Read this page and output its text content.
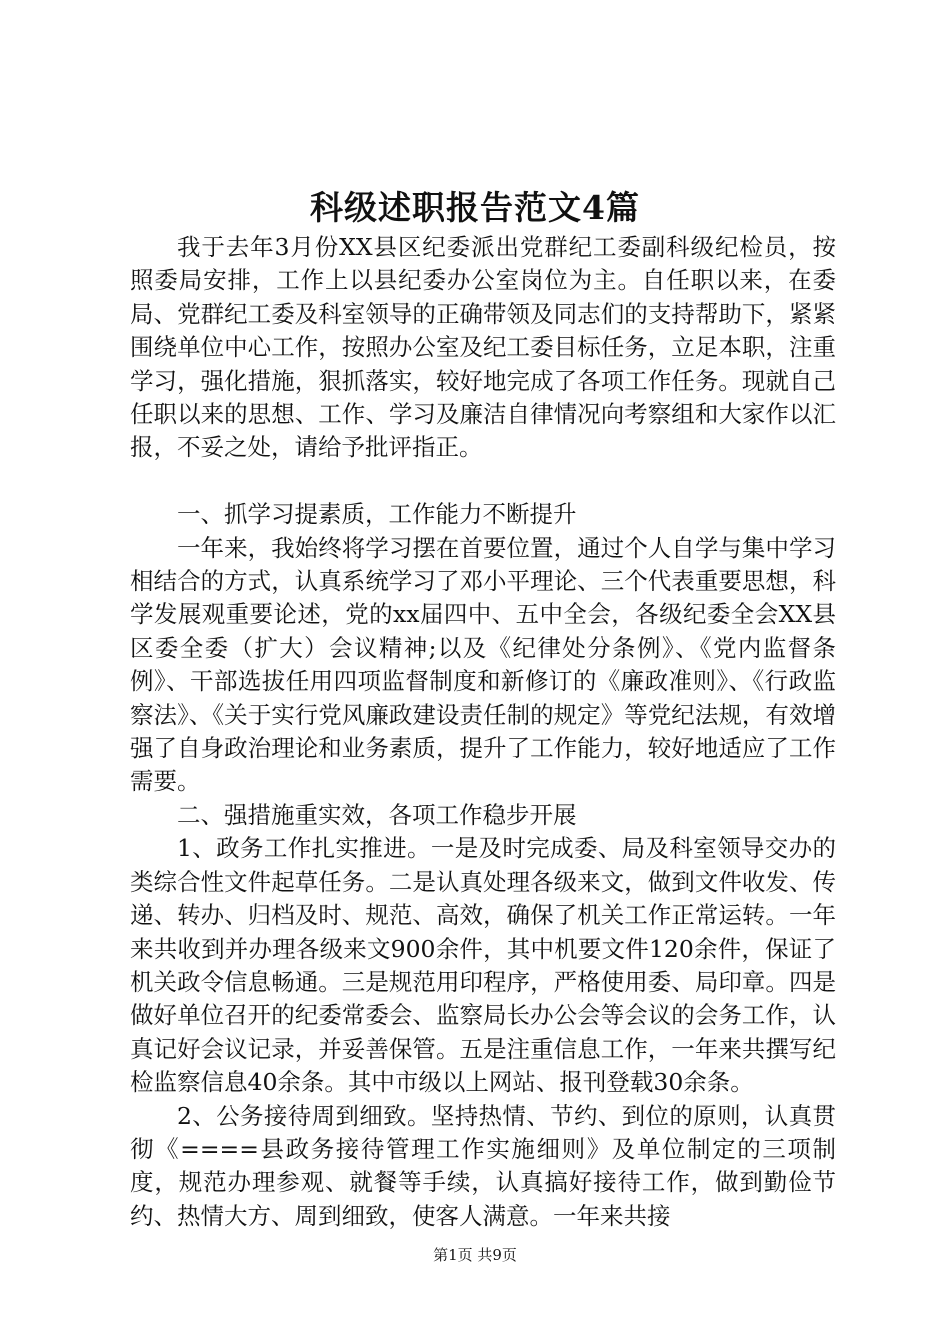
科级述职报告范文4篇

我于去年3月份XX县区纪委派出党群纪工委副科级纪检员，按照委局安排，工作上以县纪委办公室岗位为主。自任职以来，在委局、党群纪工委及科室领导的正确带领及同志们的支持帮助下，紧紧围绕单位中心工作，按照办公室及纪工委目标任务，立足本职，注重学习，强化措施，狠抓落实，较好地完成了各项工作任务。现就自己任职以来的思想、工作、学习及廉洁自律情况向考察组和大家作以汇报，不妥之处，请给予批评指正。

一、抓学习提素质，工作能力不断提升

一年来，我始终将学习摆在首要位置，通过个人自学与集中学习相结合的方式，认真系统学习了邓小平理论、三个代表重要思想，科学发展观重要论述，党的xx届四中、五中全会，各级纪委全会XX县区委全委（扩大）会议精神;以及《纪律处分条例》、《党内监督条例》、干部选拔任用四项监督制度和新修订的《廉政准则》、《行政监察法》、《关于实行党风廉政建设责任制的规定》等党纪法规，有效增强了自身政治理论和业务素质，提升了工作能力，较好地适应了工作需要。

二、强措施重实效，各项工作稳步开展

1、政务工作扎实推进。一是及时完成委、局及科室领导交办的类综合性文件起草任务。二是认真处理各级来文，做到文件收发、传递、转办、归档及时、规范、高效，确保了机关工作正常运转。一年来共收到并办理各级来文900余件，其中机要文件120余件，保证了机关政令信息畅通。三是规范用印程序，严格使用委、局印章。四是做好单位召开的纪委常委会、监察局长办公会等会议的会务工作，认真记好会议记录，并妥善保管。五是注重信息工作，一年来共撰写纪检监察信息40余条。其中市级以上网站、报刊登载30余条。

2、公务接待周到细致。坚持热情、节约、到位的原则，认真贯彻《====县政务接待管理工作实施细则》及单位制定的三项制度，规范办理参观、就餐等手续，认真搞好接待工作，做到勤俭节约、热情大方、周到细致，使客人满意。一年来共接

第1页 共9页
